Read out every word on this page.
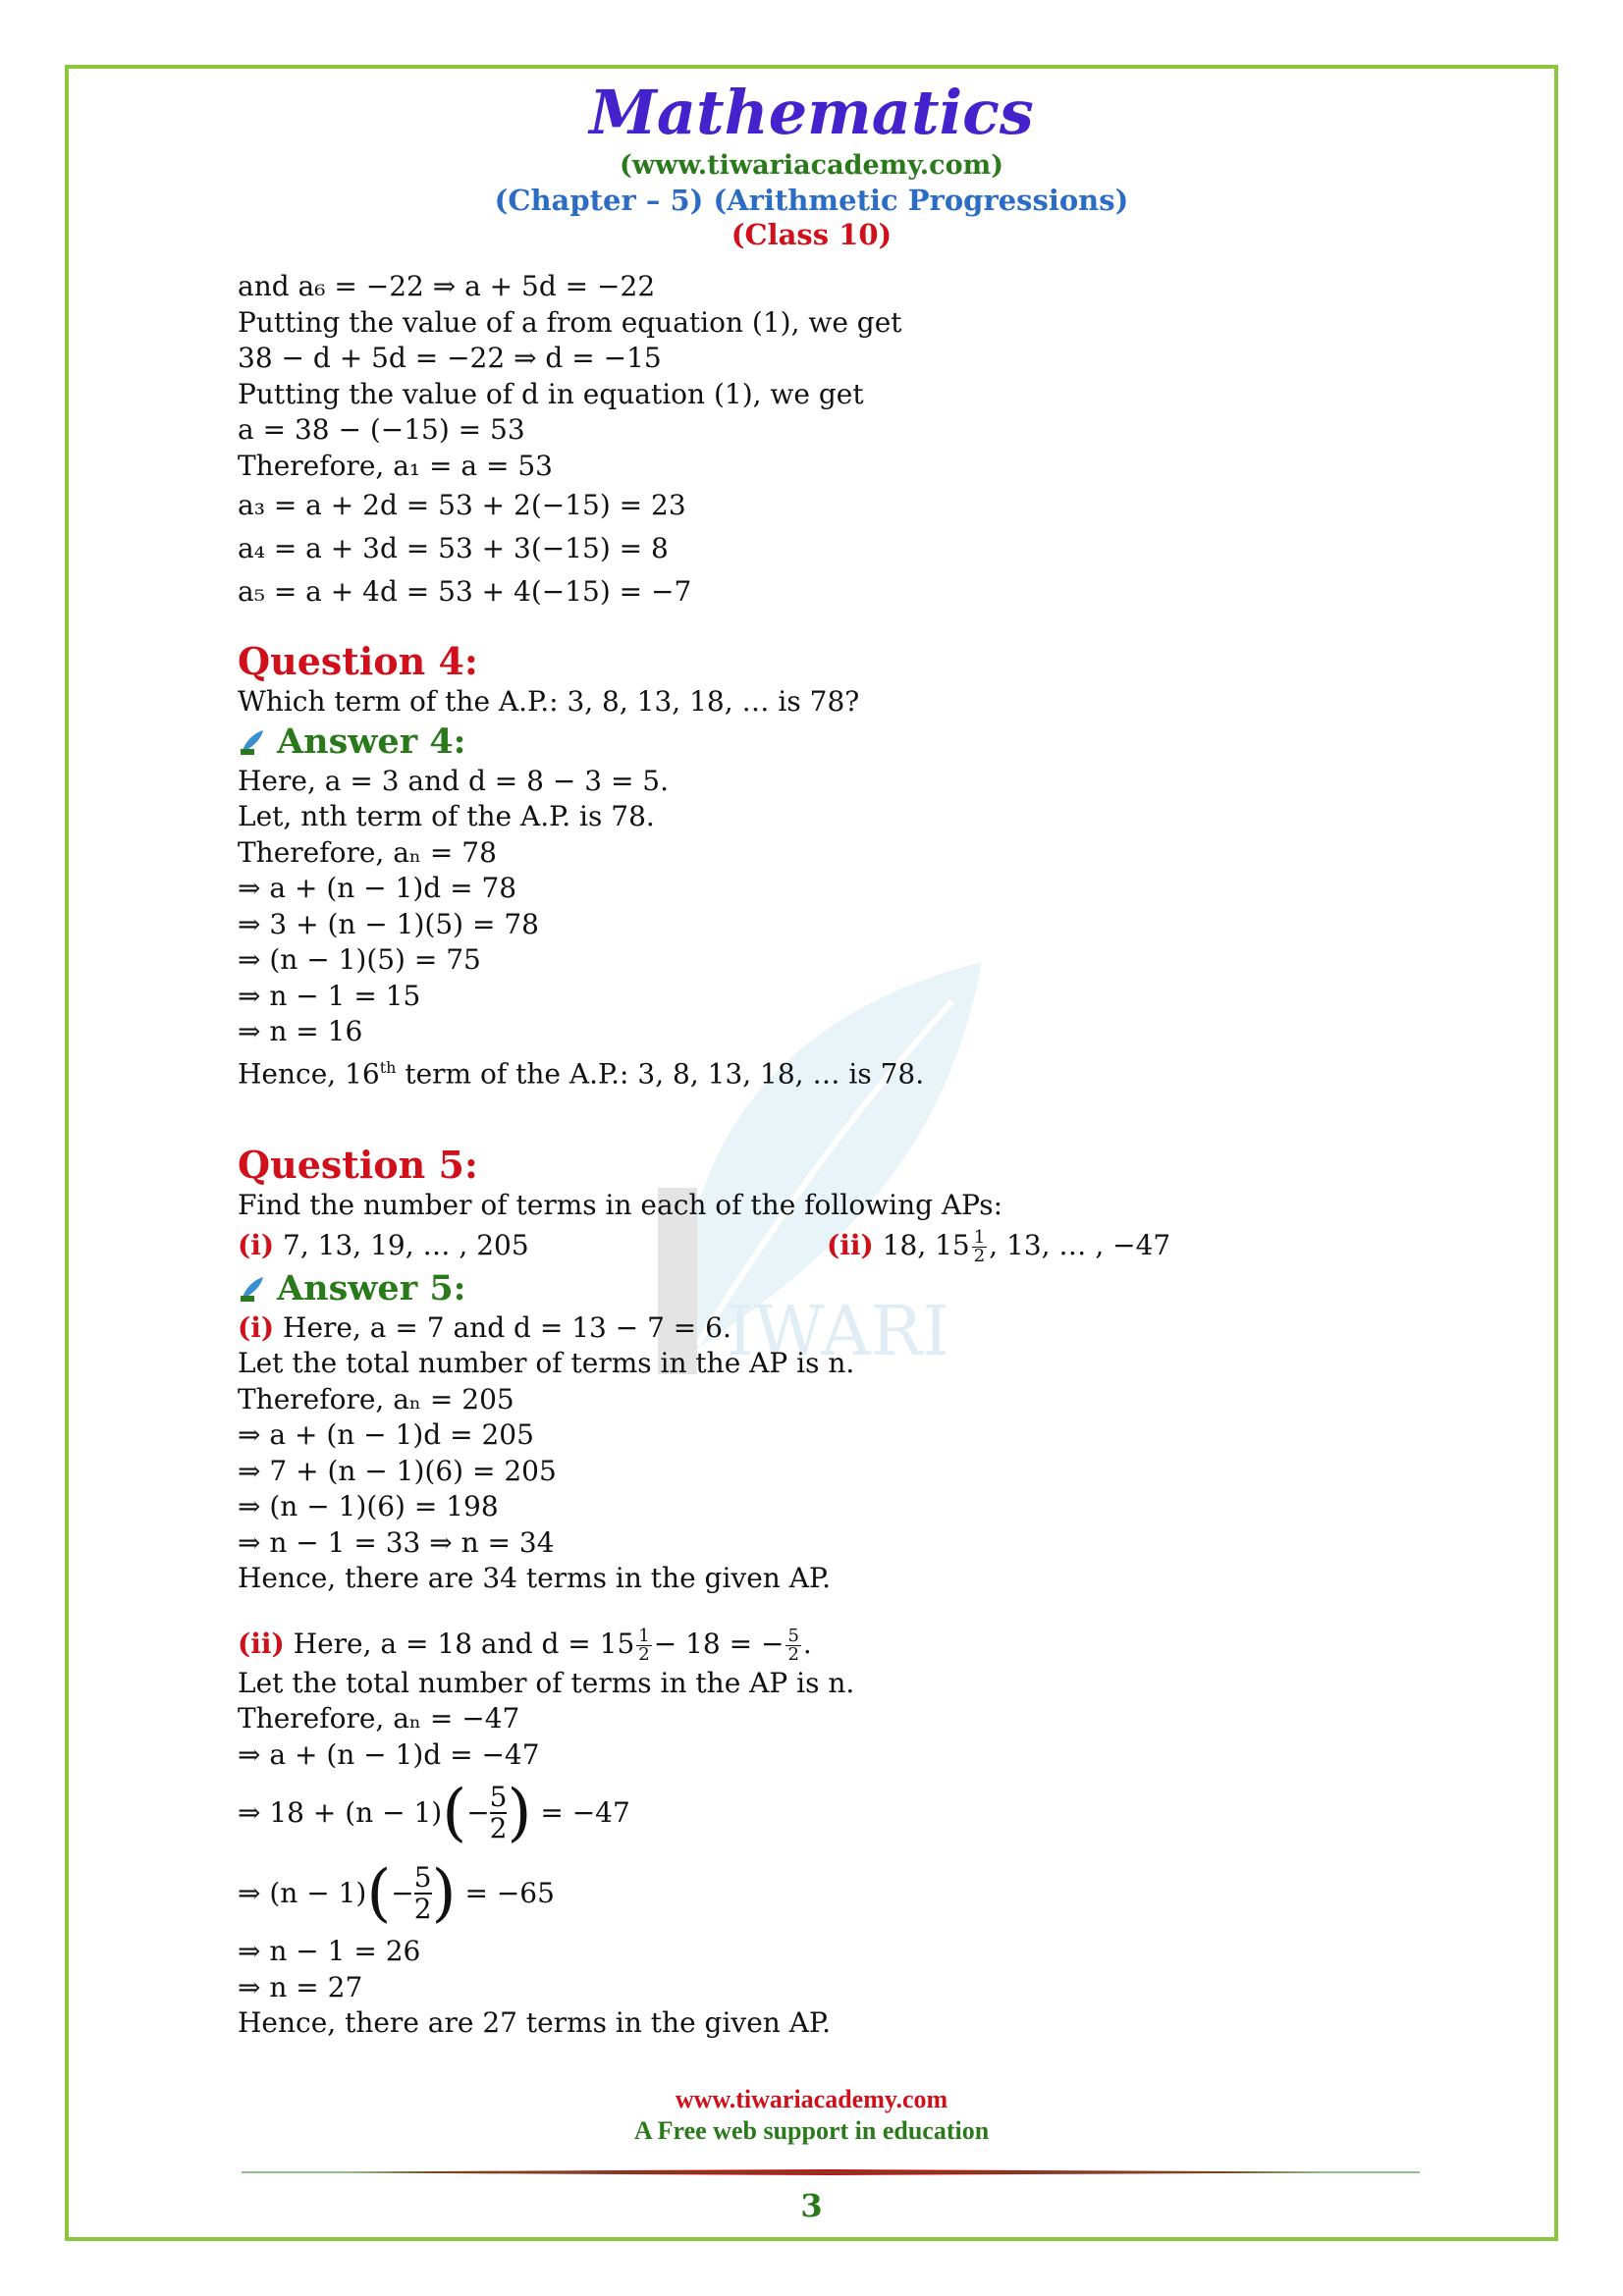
IWARI
Mathematics
(www.tiwariacademy.com)
(Chapter – 5) (Arithmetic Progressions)
(Class 10)
and a₆ = −22 ⇒ a + 5d = −22
Putting the value of a from equation (1), we get
38 − d + 5d = −22 ⇒ d = −15
Putting the value of d in equation (1), we get
a = 38 − (−15) = 53
Therefore, a₁ = a = 53
a₃ = a + 2d = 53 + 2(−15) = 23
a₄ = a + 3d = 53 + 3(−15) = 8
a₅ = a + 4d = 53 + 4(−15) = −7
Question 4:
Which term of the A.P.: 3, 8, 13, 18, … is 78?
Answer 4:
Here, a = 3 and d = 8 − 3 = 5.
Let, nth term of the A.P. is 78.
Therefore, aₙ = 78
⇒ a + (n − 1)d = 78
⇒ 3 + (n − 1)(5) = 78
⇒ (n − 1)(5) = 75
⇒ n − 1 = 15
⇒ n = 16
Hence, 16th term of the A.P.: 3, 8, 13, 18, … is 78.
Question 5:
Find the number of terms in each of the following APs:
(i) 7, 13, 19, … , 205	(ii) 18, $15 \frac{1}{2}$ , 13, … , −47
Answer 5:
(i) Here, a = 7 and d = 13 − 7 = 6.
Let the total number of terms in the AP is n.
Therefore, aₙ = 205
⇒ a + (n − 1)d = 205
⇒ 7 + (n − 1)(6) = 205
⇒ (n − 1)(6) = 198
⇒ n − 1 = 33 ⇒ n = 34
Hence, there are 34 terms in the given AP.
(ii) Here, a = 18 and $d = 15 \frac{1}{2} - 18$ = − $\frac{5}{2}$ .
Let the total number of terms in the AP is n.
Therefore, aₙ = −47
⇒ a + (n − 1)d = −47
⇒ 18 + (n − 1) ( − $\frac{5}{2}$ )
= −47
⇒ (n − 1) ( − $\frac{5}{2}$ )
= −65
⇒ n − 1 = 26
⇒ n = 27
Hence, there are 27 terms in the given AP.
www.tiwariacademy.com
A Free web support in education
3
